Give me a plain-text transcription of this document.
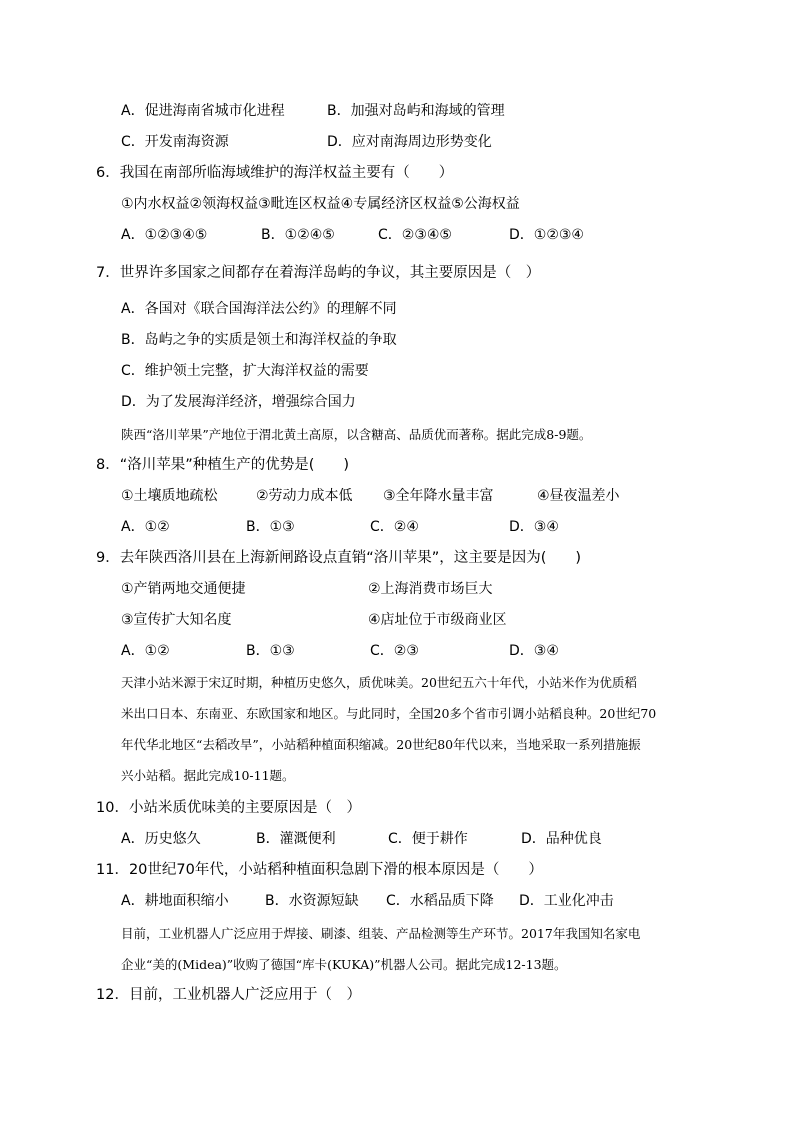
A．促进海南省城市化进程	B．加强对岛屿和海域的管理
C．开发南海资源	D．应对南海周边形势变化
6．我国在南部所临海域维护的海洋权益主要有（　　）
①内水权益②领海权益③毗连区权益④专属经济区权益⑤公海权益
A．①②③④⑤	B．①②④⑤	C．②③④⑤	D．①②③④
7．世界许多国家之间都存在着海洋岛屿的争议，其主要原因是（　）
A．各国对《联合国海洋法公约》的理解不同
B．岛屿之争的实质是领土和海洋权益的争取
C．维护领土完整，扩大海洋权益的需要
D．为了发展海洋经济，增强综合国力
陕西“洛川苹果”产地位于渭北黄土高原，以含糖高、品质优而著称。据此完成8-9题。
8．“洛川苹果”种植生产的优势是(　　)
①土壤质地疏松	②劳动力成本低 ③全年降水量丰富	④昼夜温差小
A．①②	B．①③	C．②④	D．③④
9．去年陕西洛川县在上海新闸路设点直销“洛川苹果”，这主要是因为(　　)
①产销两地交通便捷	②上海消费市场巨大
③宣传扩大知名度	④店址位于市级商业区
A．①②	B．①③	C．②③	D．③④
天津小站米源于宋辽时期，种植历史悠久，质优味美。20世纪五六十年代，小站米作为优质稻
米出口日本、东南亚、东欧国家和地区。与此同时，全国20多个省市引调小站稻良种。20世纪70
年代华北地区“去稻改旱”，小站稻种植面积缩减。20世纪80年代以来，当地采取一系列措施振
兴小站稻。据此完成10-11题。
10．小站米质优味美的主要原因是（　）
A．历史悠久	B．灌溉便利	C．便于耕作	D．品种优良
11．20世纪70年代，小站稻种植面积急剧下滑的根本原因是（　　）
A．耕地面积缩小	B．水资源短缺 C．水稻品质下降 D．工业化冲击
目前，工业机器人广泛应用于焊接、刷漆、组装、产品检测等生产环节。2017年我国知名家电
企业“美的(Midea)”收购了德国“库卡(KUKA)”机器人公司。据此完成12-13题。
12．目前，工业机器人广泛应用于（　）
